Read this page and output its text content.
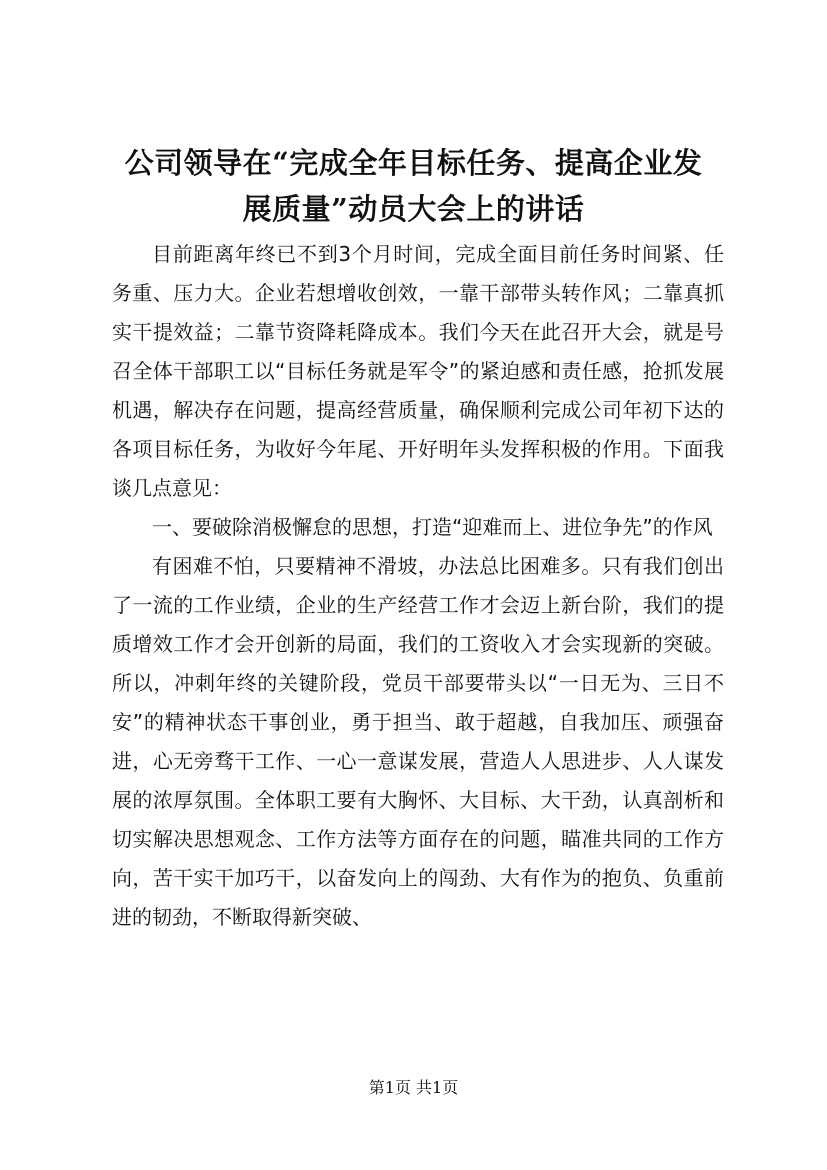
公司领导在“完成全年目标任务、提高企业发
展质量”动员大会上的讲话

目前距离年终已不到3个月时间，完成全面目前任务时间紧、任务重、压力大。企业若想增收创效，一靠干部带头转作风；二靠真抓实干提效益；二靠节资降耗降成本。我们今天在此召开大会，就是号召全体干部职工以“目标任务就是军令”的紧迫感和责任感，抢抓发展机遇，解决存在问题，提高经营质量，确保顺利完成公司年初下达的各项目标任务，为收好今年尾、开好明年头发挥积极的作用。下面我谈几点意见：

一、要破除消极懈怠的思想，打造“迎难而上、进位争先”的作风

有困难不怕，只要精神不滑坡，办法总比困难多。只有我们创出了一流的工作业绩，企业的生产经营工作才会迈上新台阶，我们的提质增效工作才会开创新的局面，我们的工资收入才会实现新的突破。所以，冲刺年终的关键阶段，党员干部要带头以“一日无为、三日不安”的精神状态干事创业，勇于担当、敢于超越，自我加压、顽强奋进，心无旁骛干工作、一心一意谋发展，营造人人思进步、人人谋发展的浓厚氛围。全体职工要有大胸怀、大目标、大干劲，认真剖析和切实解决思想观念、工作方法等方面存在的问题，瞄准共同的工作方向，苦干实干加巧干，以奋发向上的闯劲、大有作为的抱负、负重前进的韧劲，不断取得新突破、

第1页 共1页
